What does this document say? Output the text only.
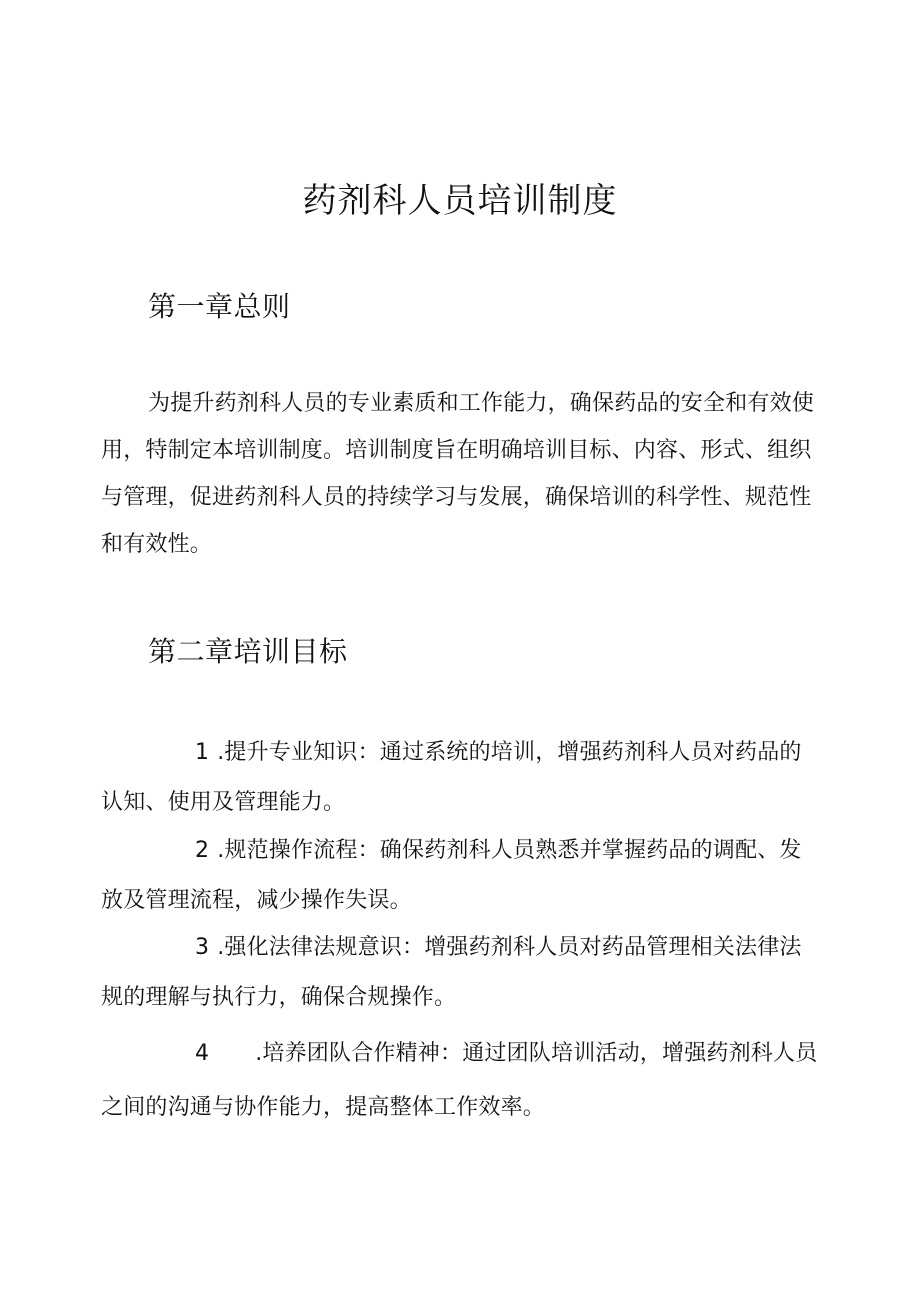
药剂科人员培训制度
第一章总则

为提升药剂科人员的专业素质和工作能力，确保药品的安全和有效使用，特制定本培训制度。培训制度旨在明确培训目标、内容、形式、组织与管理，促进药剂科人员的持续学习与发展，确保培训的科学性、规范性和有效性。

第二章培训目标

1 .提升专业知识：通过系统的培训，增强药剂科人员对药品的认知、使用及管理能力。

2 .规范操作流程：确保药剂科人员熟悉并掌握药品的调配、发放及管理流程，减少操作失误。

3 .强化法律法规意识：增强药剂科人员对药品管理相关法律法规的理解与执行力，确保合规操作。

4 .培养团队合作精神：通过团队培训活动，增强药剂科人员之间的沟通与协作能力，提高整体工作效率。
